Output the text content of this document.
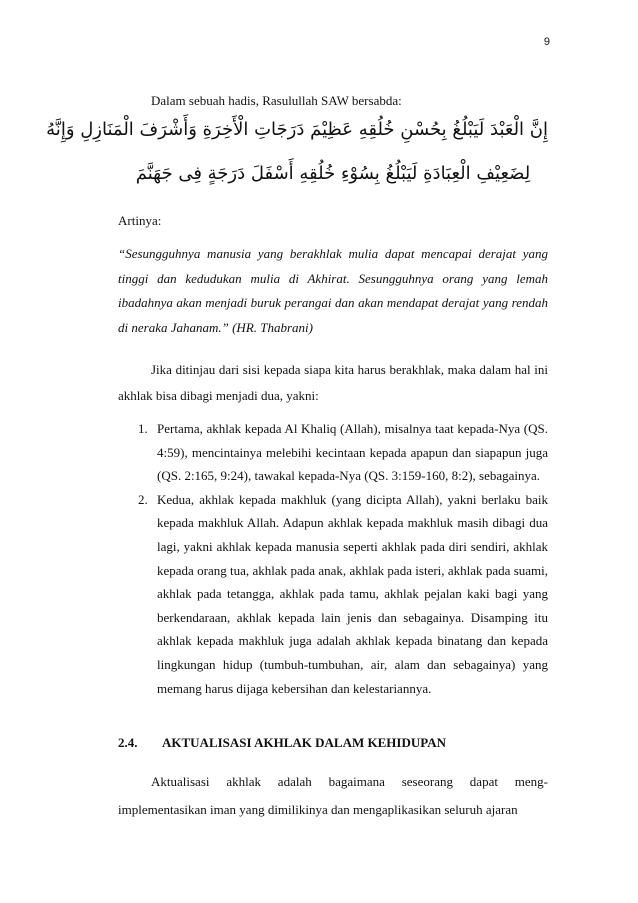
9
Dalam sebuah hadis, Rasulullah SAW bersabda:
إِنَّ الْعَبْدَ لَيَبْلُغُ بِحُسْنِ خُلُقِهِ عَظِيْمَ دَرَجَاتِ الْأَخِرَةِ وَأَشْرَفَ الْمَنَازِلِ وَإِنَّهُ
لِضَعِيْفِ الْعِبَادَةِ لَيَبْلُغُ بِسُوْءِ خُلُقِهِ أَسْفَلَ دَرَجَةٍ فِى جَهَنَّمَ
Artinya:
“Sesungguhnya manusia yang berakhlak mulia dapat mencapai derajat yang tinggi dan kedudukan mulia di Akhirat. Sesungguhnya orang yang lemah ibadahnya akan menjadi buruk perangai dan akan mendapat derajat yang rendah di neraka Jahanam.” (HR. Thabrani)
Jika ditinjau dari sisi kepada siapa kita harus berakhlak, maka dalam hal ini akhlak bisa dibagi menjadi dua, yakni:
1. Pertama, akhlak kepada Al Khaliq (Allah), misalnya taat kepada-Nya (QS. 4:59), mencintainya melebihi kecintaan kepada apapun dan siapapun juga (QS. 2:165, 9:24), tawakal kepada-Nya (QS. 3:159-160, 8:2), sebagainya.
2. Kedua, akhlak kepada makhluk (yang dicipta Allah), yakni berlaku baik kepada makhluk Allah. Adapun akhlak kepada makhluk masih dibagi dua lagi, yakni akhlak kepada manusia seperti akhlak pada diri sendiri, akhlak kepada orang tua, akhlak pada anak, akhlak pada isteri, akhlak pada suami, akhlak pada tetangga, akhlak pada tamu, akhlak pejalan kaki bagi yang berkendaraan, akhlak kepada lain jenis dan sebagainya. Disamping itu akhlak kepada makhluk juga adalah akhlak kepada binatang dan kepada lingkungan hidup (tumbuh-tumbuhan, air, alam dan sebagainya) yang memang harus dijaga kebersihan dan kelestariannya.
2.4. AKTUALISASI AKHLAK DALAM KEHIDUPAN
Aktualisasi akhlak adalah bagaimana seseorang dapat meng-implementasikan iman yang dimilikinya dan mengaplikasikan seluruh ajaran
